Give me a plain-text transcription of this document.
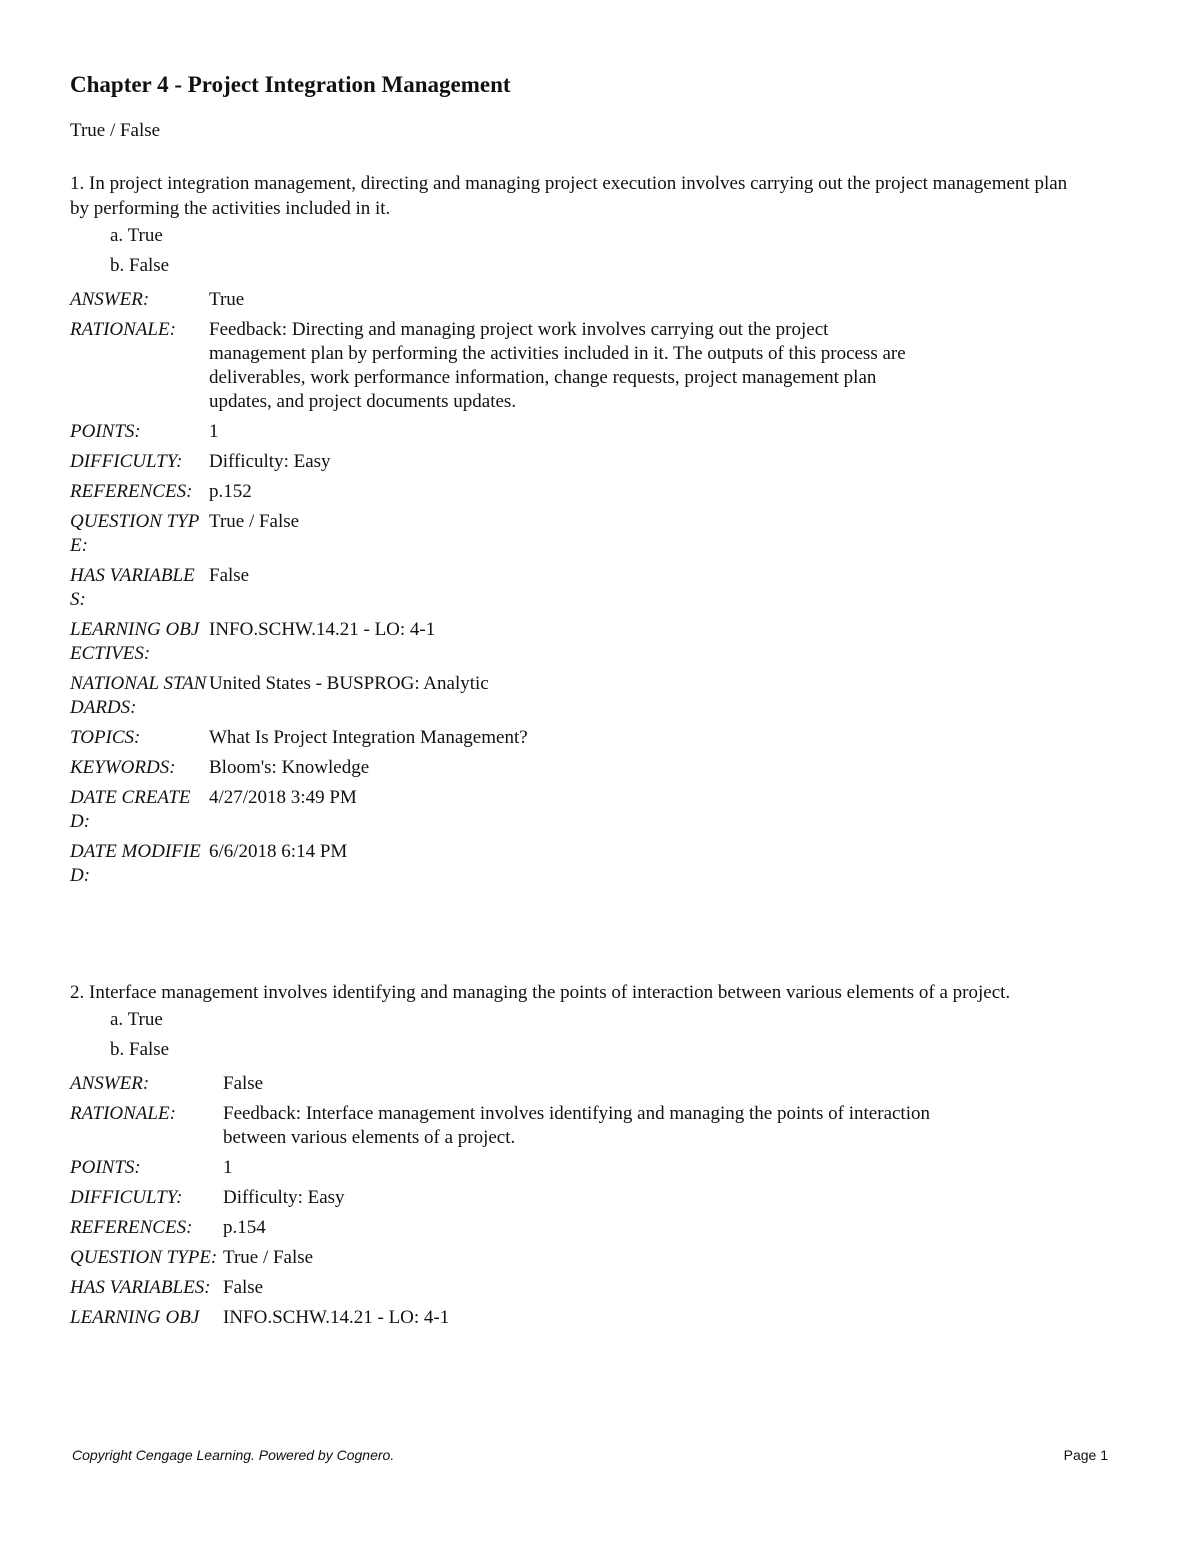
Chapter 4 - Project Integration Management
True / False
1. In project integration management, directing and managing project execution involves carrying out the project management plan by performing the activities included in it.
a. True
b. False
ANSWER:	True
RATIONALE:	Feedback: Directing and managing project work involves carrying out the project management plan by performing the activities included in it. The outputs of this process are deliverables, work performance information, change requests, project management plan updates, and project documents updates.
POINTS:	1
DIFFICULTY:	Difficulty: Easy
REFERENCES: p.152
QUESTION TYPE:
True / False
HAS VARIABLES:
False
LEARNING OBJECTIVES:
INFO.SCHW.14.21 - LO: 4-1
NATIONAL STANDARDS:
United States - BUSPROG: Analytic
TOPICS:	What Is Project Integration Management?
KEYWORDS:	Bloom's: Knowledge
DATE CREATED:
4/27/2018 3:49 PM
DATE MODIFIED:
6/6/2018 6:14 PM
2. Interface management involves identifying and managing the points of interaction between various elements of a project.
a. True
b. False
ANSWER:	False
RATIONALE:	Feedback: Interface management involves identifying and managing the points of interaction between various elements of a project.
POINTS:	1
DIFFICULTY:	Difficulty: Easy
REFERENCES:	p.154
QUESTION TYPE: True / False
HAS VARIABLES: False
LEARNING OBJ	INFO.SCHW.14.21 - LO: 4-1
Copyright Cengage Learning. Powered by Cognero.	Page 1
